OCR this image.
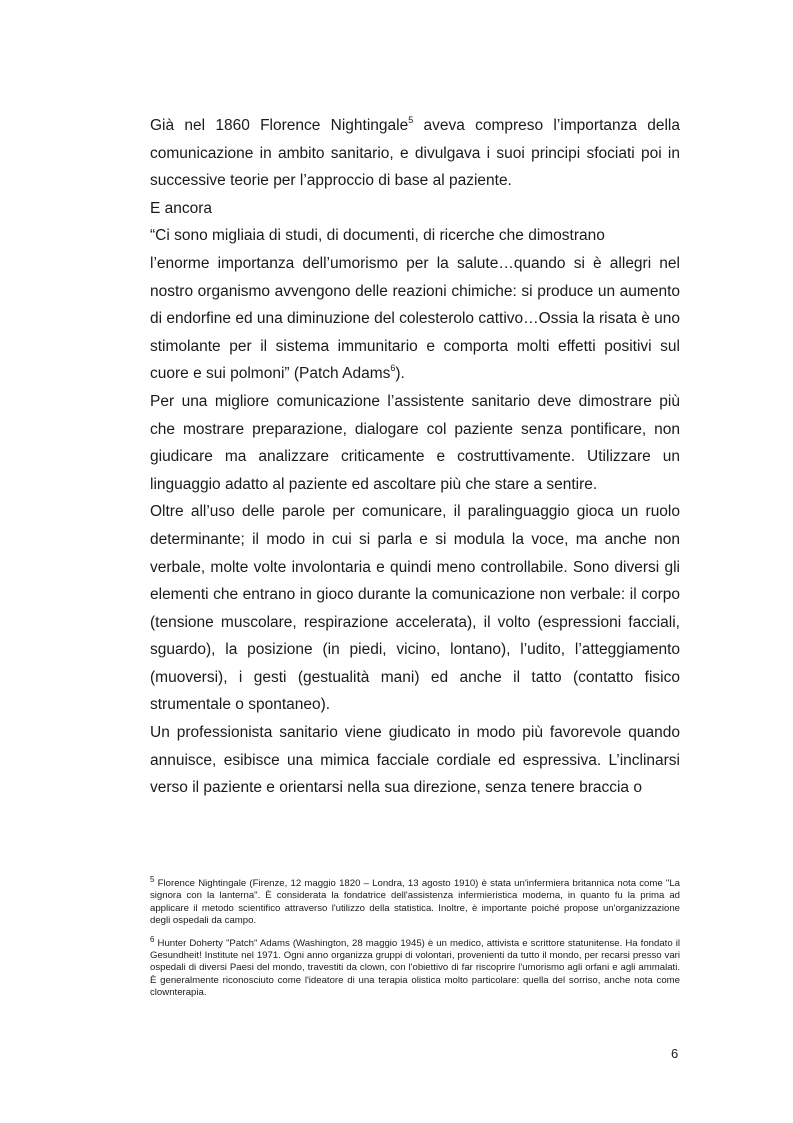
Già nel 1860 Florence Nightingale$^5$ aveva compreso l’importanza della comunicazione in ambito sanitario, e divulgava i suoi principi sfociati poi in successive teorie per l’approccio di base al paziente.

E ancora

“Ci sono migliaia di studi, di documenti, di ricerche che dimostrano

l’enorme importanza dell’umorismo per la salute…quando si è allegri nel nostro organismo avvengono delle reazioni chimiche: si produce un aumento di endorfine ed una diminuzione del colesterolo cattivo…Ossia la risata è uno stimolante per il sistema immunitario e comporta molti effetti positivi sul cuore e sui polmoni” (Patch Adams$^6$).

Per una migliore comunicazione l’assistente sanitario deve dimostrare più che mostrare preparazione, dialogare col paziente senza pontificare, non giudicare ma analizzare criticamente e costruttivamente. Utilizzare un linguaggio adatto al paziente ed ascoltare più che stare a sentire.

Oltre all’uso delle parole per comunicare, il paralinguaggio gioca un ruolo determinante; il modo in cui si parla e si modula la voce, ma anche non verbale, molte volte involontaria e quindi meno controllabile. Sono diversi gli elementi che entrano in gioco durante la comunicazione non verbale: il corpo (tensione muscolare, respirazione accelerata), il volto (espressioni facciali, sguardo), la posizione (in piedi, vicino, lontano), l’udito, l’atteggiamento (muoversi), i gesti (gestualità mani) ed anche il tatto (contatto fisico strumentale o spontaneo).

Un professionista sanitario viene giudicato in modo più favorevole quando annuisce, esibisce una mimica facciale cordiale ed espressiva. L’inclinarsi verso il paziente e orientarsi nella sua direzione, senza tenere braccia o

$^5$ Florence Nightingale (Firenze, 12 maggio 1820 – Londra, 13 agosto 1910) è stata un'infermiera britannica nota come "La signora con la lanterna". È considerata la fondatrice dell'assistenza infermieristica moderna, in quanto fu la prima ad applicare il metodo scientifico attraverso l'utilizzo della statistica. Inoltre, è importante poiché propose un'organizzazione degli ospedali da campo.

$^6$ Hunter Doherty "Patch" Adams (Washington, 28 maggio 1945) è un medico, attivista e scrittore statunitense. Ha fondato il Gesundheit! Institute nel 1971. Ogni anno organizza gruppi di volontari, provenienti da tutto il mondo, per recarsi presso vari ospedali di diversi Paesi del mondo, travestiti da clown, con l'obiettivo di far riscoprire l'umorismo agli orfani e agli ammalati. È generalmente riconosciuto come l'ideatore di una terapia olistica molto particolare: quella del sorriso, anche nota come clownterapia.

6
